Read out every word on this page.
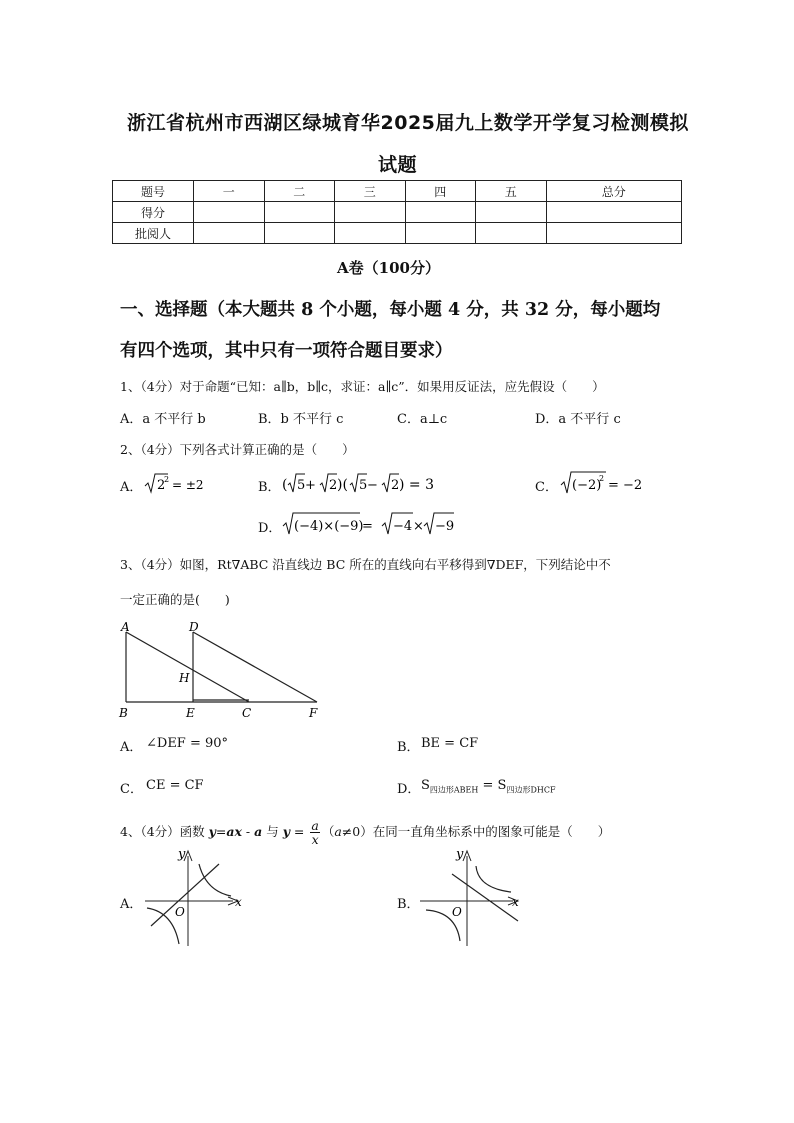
浙江省杭州市西湖区绿城育华2025届九上数学开学复习检测模拟
试题
题号	一	二	三	四	五	总分
得分						
批阅人						
A卷（100分）
一、选择题（本大题共 8 个小题，每小题 4 分，共 32 分，每小题均
有四个选项，其中只有一项符合题目要求）
1、（4分）对于命题“已知：a∥b，b∥c，求证：a∥c”．如果用反证法，应先假设（　　）
A．a 不平行 b	B．b 不平行 c	C．a⊥c	D．a 不平行 c
2、（4分）下列各式计算正确的是（　　）
A． 2
2 = ±2	B． ( 5 + 2 )( 5 − 2 ) = 3	C． (−2)
2 = −2
D． (−4)×(−9)
= −4 × −9
3、（4分）如图，Rt∇ABC 沿直线边 BC 所在的直线向右平移得到∇DEF，下列结论中不
一定正确的是(　　)
A	D
H
B	E	C	F
A． ∠DEF = 90°	B． BE = CF
C． CE = CF	D． $S_{四边形ABEH} = S_{四边形DHCF}$
4、（4分）函数 y=ax - a 与 $y = \frac{a}{x} (a\ne 0)$在同一直角坐标系中的图象可能是（　　）
A．
y
x
O	B．
y
x
O
